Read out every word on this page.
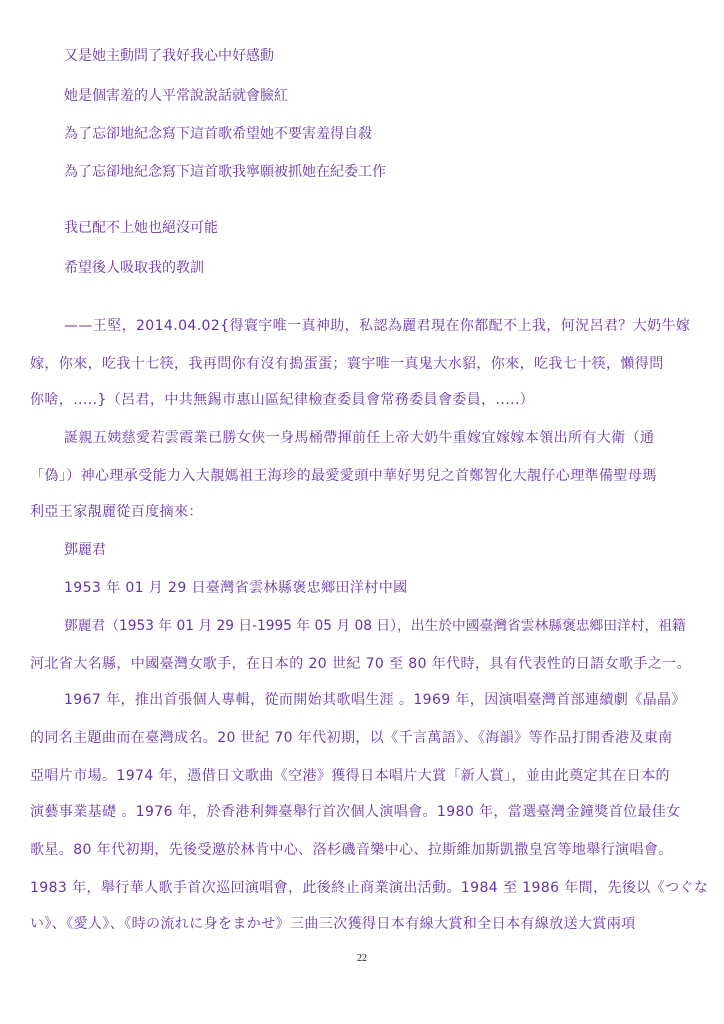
又是她主動問了我好我心中好感動

她是個害羞的人平常說說話就會臉紅

為了忘卻地紀念寫下這首歌希望她不要害羞得自殺

為了忘卻地紀念寫下這首歌我寧願被抓她在紀委工作

我已配不上她也絕沒可能

希望後人吸取我的教訓

——王堅，2014.04.02{得寰宇唯一真神助，私認為麗君現在你都配不上我，何況呂君？大奶牛嫁

嫁，你來，吃我十七筷，我再問你有沒有搗蛋蛋；寰宇唯一真鬼大水貂，你來，吃我七十筷，懶得問

你啥，.....}（呂君，中共無錫市惠山區紀律檢查委員會常務委員會委員，.....）

誕親五姨慈愛若雲霞業已勝女俠一身馬桶帶揮前任上帝大奶牛重嫁宜嫁嫁本領出所有大衛（通

「偽」）神心理承受能力入大靚媽祖王海珍的最愛愛頭中華好男兒之首鄭智化大靚仔心理準備聖母瑪

利亞王家靚麗從百度摘來：

鄧麗君

1953 年 01 月 29 日臺灣省雲林縣褒忠鄉田洋村中國

鄧麗君（1953 年 01 月 29 日-1995 年 05 月 08 日），出生於中國臺灣省雲林縣褒忠鄉田洋村，祖籍

河北省大名縣，中國臺灣女歌手，在日本的 20 世紀 70 至 80 年代時，具有代表性的日語女歌手之一。

1967 年，推出首張個人專輯，從而開始其歌唱生涯 。1969 年，因演唱臺灣首部連續劇《晶晶》

的同名主題曲而在臺灣成名。20 世紀 70 年代初期，以《千言萬語》、《海韻》等作品打開香港及東南

亞唱片市場。1974 年，憑借日文歌曲《空港》獲得日本唱片大賞「新人賞」，並由此奠定其在日本的

演藝事業基礎 。1976 年，於香港利舞臺舉行首次個人演唱會。1980 年，當選臺灣金鐘獎首位最佳女

歌星。80 年代初期，先後受邀於林肯中心、洛杉磯音樂中心、拉斯維加斯凱撒皇宮等地舉行演唱會。

1983 年，舉行華人歌手首次巡回演唱會，此後終止商業演出活動。1984 至 1986 年間，先後以《つぐな

い》、《愛人》、《時の流れに身をまかせ》三曲三次獲得日本有線大賞和全日本有線放送大賞兩項

22
